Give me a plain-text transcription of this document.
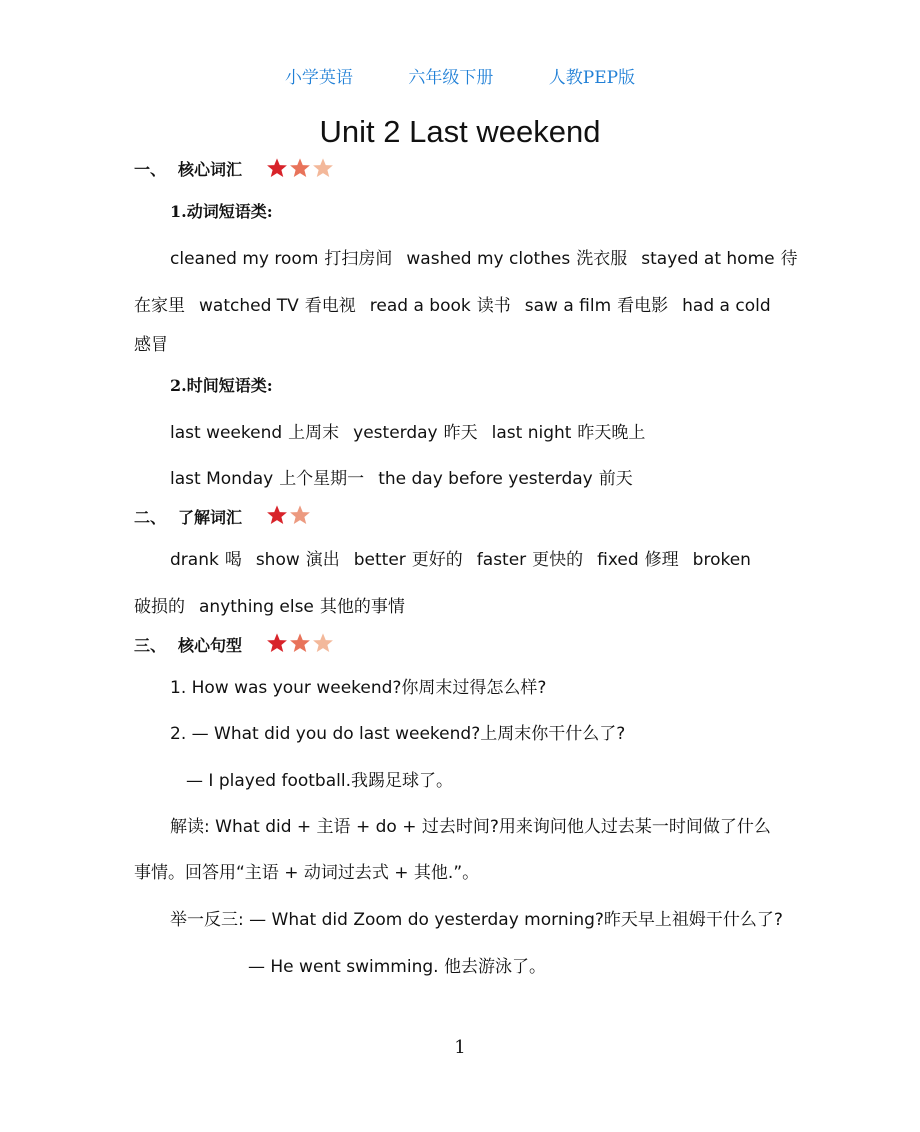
小学英语	六年级下册	人教PEP版
Unit 2 Last weekend
一、 核心词汇
1.动词短语类:
cleaned my room 打扫房间 washed my clothes 洗衣服 stayed at home 待
在家里 watched TV 看电视 read a book 读书 saw a film 看电影 had a cold
感冒
2.时间短语类:
last weekend 上周末 yesterday 昨天 last night 昨天晚上
last Monday 上个星期一 the day before yesterday 前天
二、 了解词汇
drank 喝 show 演出 better 更好的 faster 更快的 fixed 修理 broken
破损的 anything else 其他的事情
三、 核心句型
1. How was your weekend?你周末过得怎么样?
2. — What did you do last weekend?上周末你干什么了?
— I played football.我踢足球了。
解读: What did + 主语 + do + 过去时间?用来询问他人过去某一时间做了什么
事情。回答用“主语 + 动词过去式 + 其他.”。
举一反三: — What did Zoom do yesterday morning?昨天早上祖姆干什么了?
— He went swimming. 他去游泳了。
1
